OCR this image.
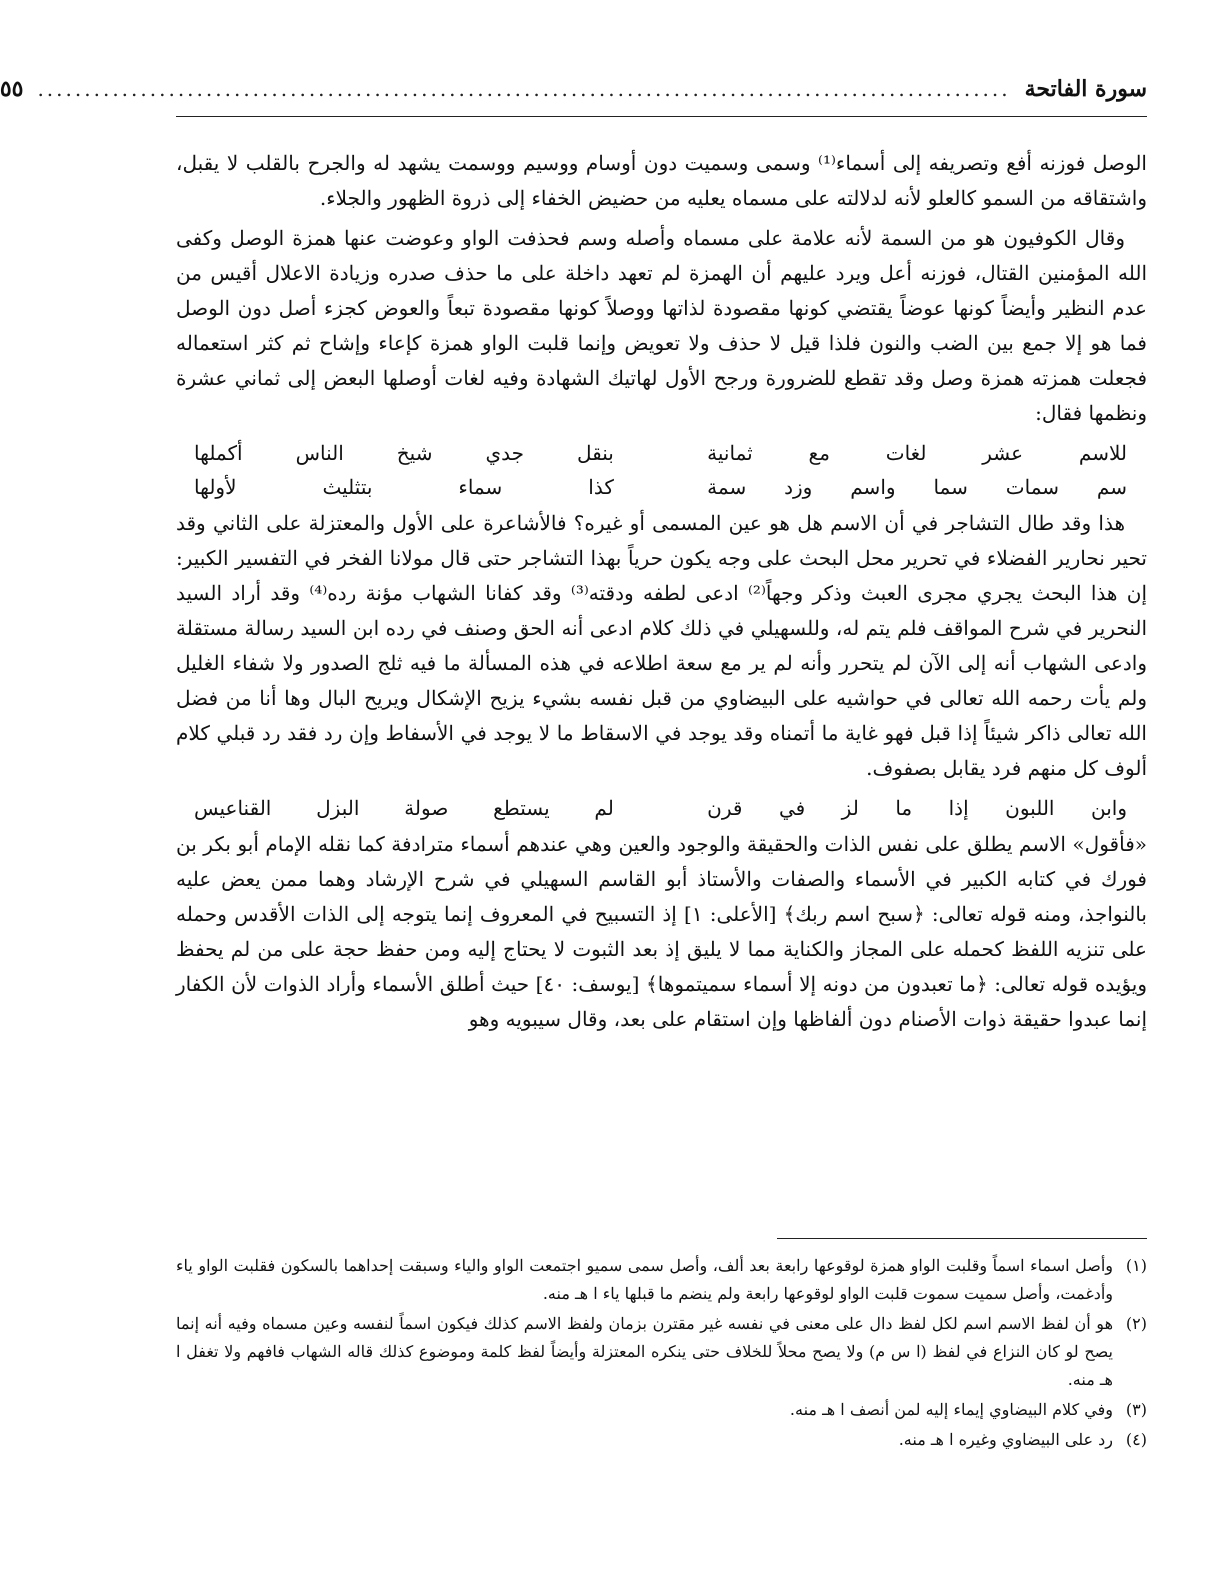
سورة الفاتحة
........................................................................................................
٥٥

الوصل فوزنه أفع وتصريفه إلى أسماء⁽¹⁾ وسمى وسميت دون أوسام ووسيم ووسمت يشهد له والجرح بالقلب لا يقبل، واشتقاقه من السمو كالعلو لأنه لدلالته على مسماه يعليه من حضيض الخفاء إلى ذروة الظهور والجلاء.

وقال الكوفيون هو من السمة لأنه علامة على مسماه وأصله وسم فحذفت الواو وعوضت عنها همزة الوصل وكفى الله المؤمنين القتال، فوزنه أعل ويرد عليهم أن الهمزة لم تعهد داخلة على ما حذف صدره وزيادة الاعلال أقيس من عدم النظير وأيضاً كونها عوضاً يقتضي كونها مقصودة لذاتها ووصلاً كونها مقصودة تبعاً والعوض كجزء أصل دون الوصل فما هو إلا جمع بين الضب والنون فلذا قيل لا حذف ولا تعويض وإنما قلبت الواو همزة كإعاء وإشاح ثم كثر استعماله فجعلت همزته همزة وصل وقد تقطع للضرورة ورجح الأول لهاتيك الشهادة وفيه لغات أوصلها البعض إلى ثماني عشرة ونظمها فقال:

للاسم عشر لغات مع ثمانية
بنقل جدي شيخ الناس أكملها
سم سمات سما واسم وزد سمة
كذا سماء بتثليث لأولها

هذا وقد طال التشاجر في أن الاسم هل هو عين المسمى أو غيره؟ فالأشاعرة على الأول والمعتزلة على الثاني وقد تحير نحارير الفضلاء في تحرير محل البحث على وجه يكون حرياً بهذا التشاجر حتى قال مولانا الفخر في التفسير الكبير: إن هذا البحث يجري مجرى العبث وذكر وجهاً⁽²⁾ ادعى لطفه ودقته⁽³⁾ وقد كفانا الشهاب مؤنة رده⁽⁴⁾ وقد أراد السيد النحرير في شرح المواقف فلم يتم له، وللسهيلي في ذلك كلام ادعى أنه الحق وصنف في رده ابن السيد رسالة مستقلة وادعى الشهاب أنه إلى الآن لم يتحرر وأنه لم ير مع سعة اطلاعه في هذه المسألة ما فيه ثلج الصدور ولا شفاء الغليل ولم يأت رحمه الله تعالى في حواشيه على البيضاوي من قبل نفسه بشيء يزيح الإشكال ويريح البال وها أنا من فضل الله تعالى ذاكر شيئاً إذا قبل فهو غاية ما أتمناه وقد يوجد في الاسقاط ما لا يوجد في الأسفاط وإن رد فقد رد قبلي كلام ألوف كل منهم فرد يقابل بصفوف.

وابن اللبون إذا ما لز في قرن
لم يستطع صولة البزل القناعيس

«فأقول» الاسم يطلق على نفس الذات والحقيقة والوجود والعين وهي عندهم أسماء مترادفة كما نقله الإمام أبو بكر بن فورك في كتابه الكبير في الأسماء والصفات والأستاذ أبو القاسم السهيلي في شرح الإرشاد وهما ممن يعض عليه بالنواجذ، ومنه قوله تعالى: ﴿سبح اسم ربك﴾ [الأعلى: ١] إذ التسبيح في المعروف إنما يتوجه إلى الذات الأقدس وحمله على تنزيه اللفظ كحمله على المجاز والكناية مما لا يليق إذ بعد الثبوت لا يحتاج إليه ومن حفظ حجة على من لم يحفظ ويؤيده قوله تعالى: ﴿ما تعبدون من دونه إلا أسماء سميتموها﴾ [يوسف: ٤٠] حيث أطلق الأسماء وأراد الذوات لأن الكفار إنما عبدوا حقيقة ذوات الأصنام دون ألفاظها وإن استقام على بعد، وقال سيبويه وهو

(١)
وأصل اسماء اسماً وقلبت الواو همزة لوقوعها رابعة بعد ألف، وأصل سمى سميو اجتمعت الواو والياء وسبقت إحداهما بالسكون فقلبت الواو ياء وأدغمت، وأصل سميت سموت قلبت الواو لوقوعها رابعة ولم ينضم ما قبلها ياء ا هـ منه.
(٢)
هو أن لفظ الاسم اسم لكل لفظ دال على معنى في نفسه غير مقترن بزمان ولفظ الاسم كذلك فيكون اسماً لنفسه وعين مسماه وفيه أنه إنما يصح لو كان النزاع في لفظ (ا س م) ولا يصح محلاً للخلاف حتى ينكره المعتزلة وأيضاً لفظ كلمة وموضوع كذلك قاله الشهاب فافهم ولا تغفل ا هـ منه.
(٣)
وفي كلام البيضاوي إيماء إليه لمن أنصف ا هـ منه.
(٤)
رد على البيضاوي وغيره ا هـ منه.
